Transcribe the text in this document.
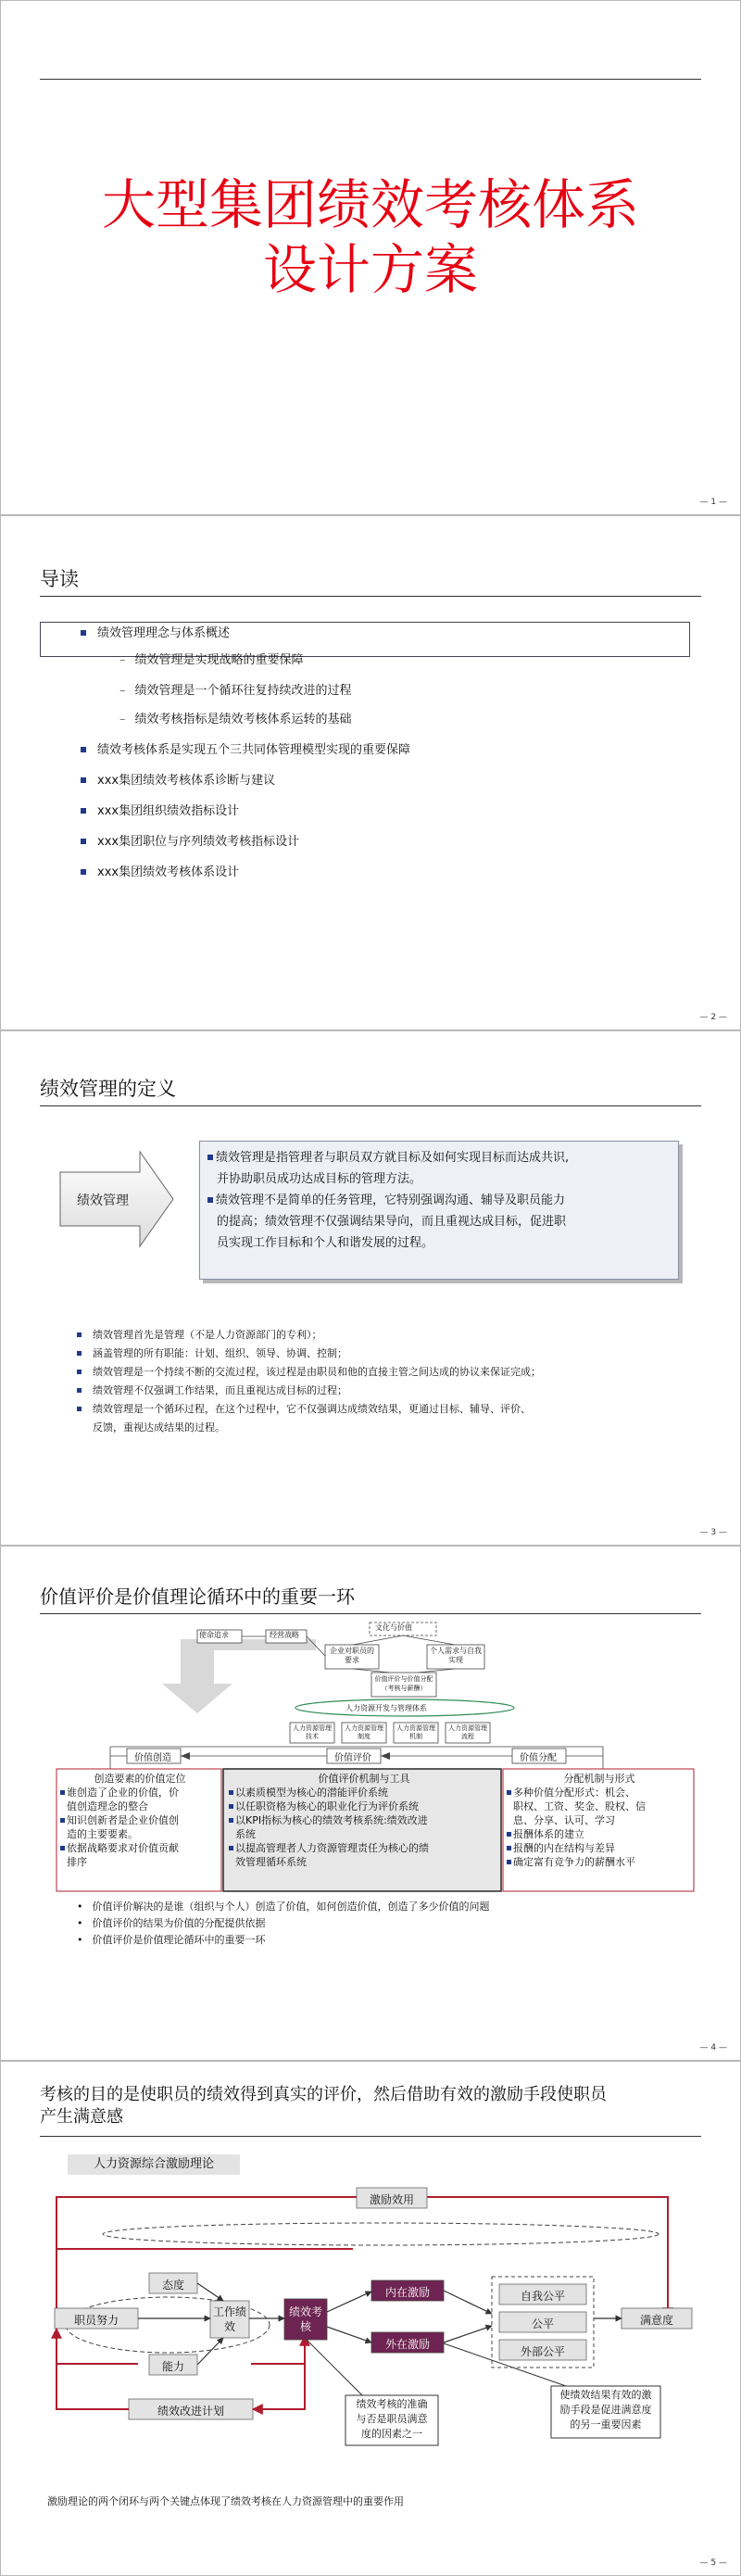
大型集团绩效考核体系
设计方案
— 1 —
导读
绩效管理理念与体系概述
– 绩效管理是实现战略的重要保障
– 绩效管理是一个循环往复持续改进的过程
– 绩效考核指标是绩效考核体系运转的基础
绩效考核体系是实现五个三共同体管理模型实现的重要保障
xxx集团绩效考核体系诊断与建议
xxx集团组织绩效指标设计
xxx集团职位与序列绩效考核指标设计
xxx集团绩效考核体系设计
— 2 —
绩效管理的定义
绩效管理
绩效管理是指管理者与职员双方就目标及如何实现目标而达成共识,
并协助职员成功达成目标的管理方法。
绩效管理不是简单的任务管理，它特别强调沟通、辅导及职员能力
的提高；绩效管理不仅强调结果导向，而且重视达成目标，促进职
员实现工作目标和个人和谐发展的过程。
绩效管理首先是管理（不是人力资源部门的专利）；
涵盖管理的所有职能：计划、组织、领导、协调、控制；
绩效管理是一个持续不断的交流过程，该过程是由职员和他的直接主管之间达成的协议来保证完成；
绩效管理不仅强调工作结果，而且重视达成目标的过程；
绩效管理是一个循环过程，在这个过程中，它不仅强调达成绩效结果，更通过目标、辅导、评价、
反馈，重视达成结果的过程。
— 3 —
价值评价是价值理论循环中的重要一环
使命追求	经营战略
文化与价值
企业对职员的要求
个人需求与自我实现
价值评价与价值分配（考核与薪酬）
人力资源开发与管理体系
人力资源管理技术
人力资源管理制度
人力资源管理机制
人力资源管理流程
价值创造	价值评价	价值分配
创造要素的价值定位
谁创造了企业的价值，价
值创造理念的整合
知识创新者是企业价值创
造的主要要素。
依据战略要求对价值贡献
排序
价值评价机制与工具
以素质模型为核心的潜能评价系统
以任职资格为核心的职业化行为评价系统
以KPI指标为核心的绩效考核系统:绩效改进
系统
以提高管理者人力资源管理责任为核心的绩
效管理循环系统
分配机制与形式
多种价值分配形式：机会、
职权、工资、奖金、股权、信
息、分享、认可、学习
报酬体系的建立
报酬的内在结构与差异
确定富有竞争力的薪酬水平
• 价值评价解决的是谁（组织与个人）创造了价值，如何创造价值，创造了多少价值的问题
• 价值评价的结果为价值的分配提供依据
• 价值评价是价值理论循环中的重要一环
— 4 —
考核的目的是使职员的绩效得到真实的评价，然后借助有效的激励手段使职员
产生满意感
人力资源综合激励理论
激励效用
态度
职员努力
工作绩效
能力
绩效考核
内在激励
外在激励
自我公平
公平
外部公平
满意度
绩效改进计划
绩效考核的准确
与否是职员满意
度的因素之一
使绩效结果有效的激
励手段是促进满意度
的另一重要因素
激励理论的两个闭环与两个关键点体现了绩效考核在人力资源管理中的重要作用
— 5 —
